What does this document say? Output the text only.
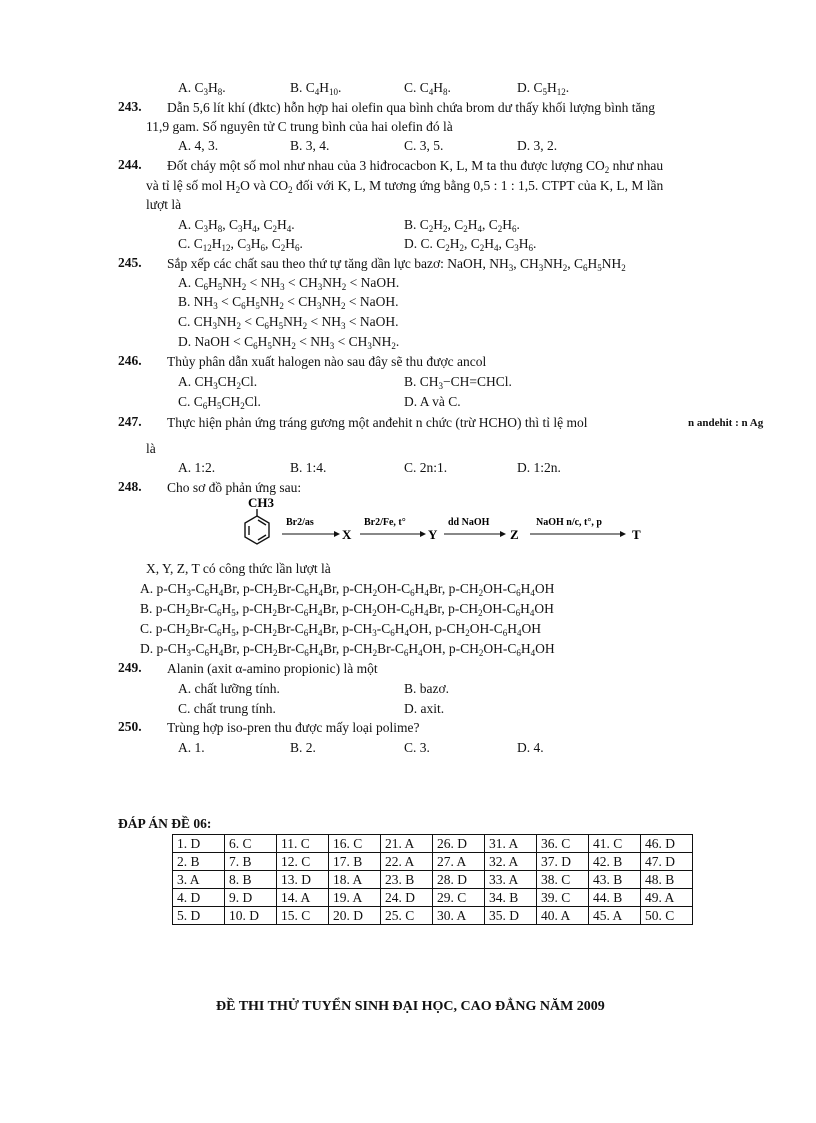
A. $C_3H_8$.	B. $C_4H_{10}$.	C. $C_4H_8$.	D. $C_5H_{12}$.
243. Dẫn 5,6 lít khí (đktc) hỗn hợp hai olefin qua bình chứa brom dư thấy khối lượng bình tăng
11,9 gam. Số nguyên tử C trung bình của hai olefin đó là
A. 4, 3.	B. 3, 4.	C. 3, 5.	D. 3, 2.
244. Đốt cháy một số mol như nhau của 3 hiđrocacbon K, L, M ta thu được lượng $CO_2$ như nhau
và tỉ lệ số mol $H_2O$ và $CO_2$ đối với K, L, M tương ứng bằng 0,5 : 1 : 1,5. CTPT của K, L, M lần
lượt là
A. $C_3H_8$, $C_3H_4$, $C_2H_4$.	B. $C_2H_2$, $C_2H_4$, $C_2H_6$.
C. $C_{12}H_{12}$, $C_3H_6$, $C_2H_6$.	D. C. $C_2H_2$, $C_2H_4$, $C_3H_6$.
245. Sắp xếp các chất sau theo thứ tự tăng dần lực bazơ: NaOH, $NH_3$, $CH_3NH_2$, $C_6H_5NH_2$
A. $C_6H_5NH_2 < NH_3 < CH_3NH_2$ < NaOH.
B. $NH_3 < C_6H_5NH_2 < CH_3NH_2$ < NaOH.
C. $CH_3NH_2 < C_6H_5NH_2 < NH_3$ < NaOH.
D. NaOH < $C_6H_5NH_2 < NH_3 < CH_3NH_2$.
246. Thủy phân dẫn xuất halogen nào sau đây sẽ thu được ancol
A. $CH_3CH_2Cl$.	B. $CH_3-CH=CHCl$.
C. $C_6H_5CH_2Cl$.	D. A và C.
247. Thực hiện phản ứng tráng gương một anđehit n chức (trừ HCHO) thì tỉ lệ mol	n andehit : n Ag
là
A. 1:2.	B. 1:4.	C. 2n:1.	D. 1:2n.
248. Cho sơ đồ phản ứng sau:
CH3
Br2/as
X
Br2/Fe, t°
Y
dd NaOH
Z
NaOH n/c, t°, p
T
X, Y, Z, T có công thức lần lượt là
A. $p-CH_3-C_6H_4Br$, $p-CH_2Br-C_6H_4Br$, $p-CH_2OH-C_6H_4Br$, $p-CH_2OH-C_6H_4OH$
B. $p-CH_2Br-C_6H_5$, $p-CH_2Br-C_6H_4Br$, $p-CH_2OH-C_6H_4Br$, $p-CH_2OH-C_6H_4OH$
C. $p-CH_2Br-C_6H_5$, $p-CH_2Br-C_6H_4Br$, $p-CH_3-C_6H_4OH$, $p-CH_2OH-C_6H_4OH$
D. $p-CH_3-C_6H_4Br$, $p-CH_2Br-C_6H_4Br$, $p-CH_2Br-C_6H_4OH$, $p-CH_2OH-C_6H_4OH$
249. Alanin (axit α-amino propionic) là một
A. chất lưỡng tính.	B. bazơ.
C. chất trung tính.	D. axit.
250. Trùng hợp iso-pren thu được mấy loại polime?
A. 1.	B. 2.	C. 3.	D. 4.
ĐÁP ÁN ĐỀ 06:
1. D	6. C	11. C	16. C	21. A	26. D	31. A	36. C	41. C	46. D
2. B	7. B	12. C	17. B	22. A	27. A	32. A	37. D	42. B	47. D
3. A	8. B	13. D	18. A	23. B	28. D	33. A	38. C	43. B	48. B
4. D	9. D	14. A	19. A	24. D	29. C	34. B	39. C	44. B	49. A
5. D	10. D	15. C	20. D	25. C	30. A	35. D	40. A	45. A	50. C
ĐỀ THI THỬ TUYỂN SINH ĐẠI HỌC, CAO ĐẲNG NĂM 2009
